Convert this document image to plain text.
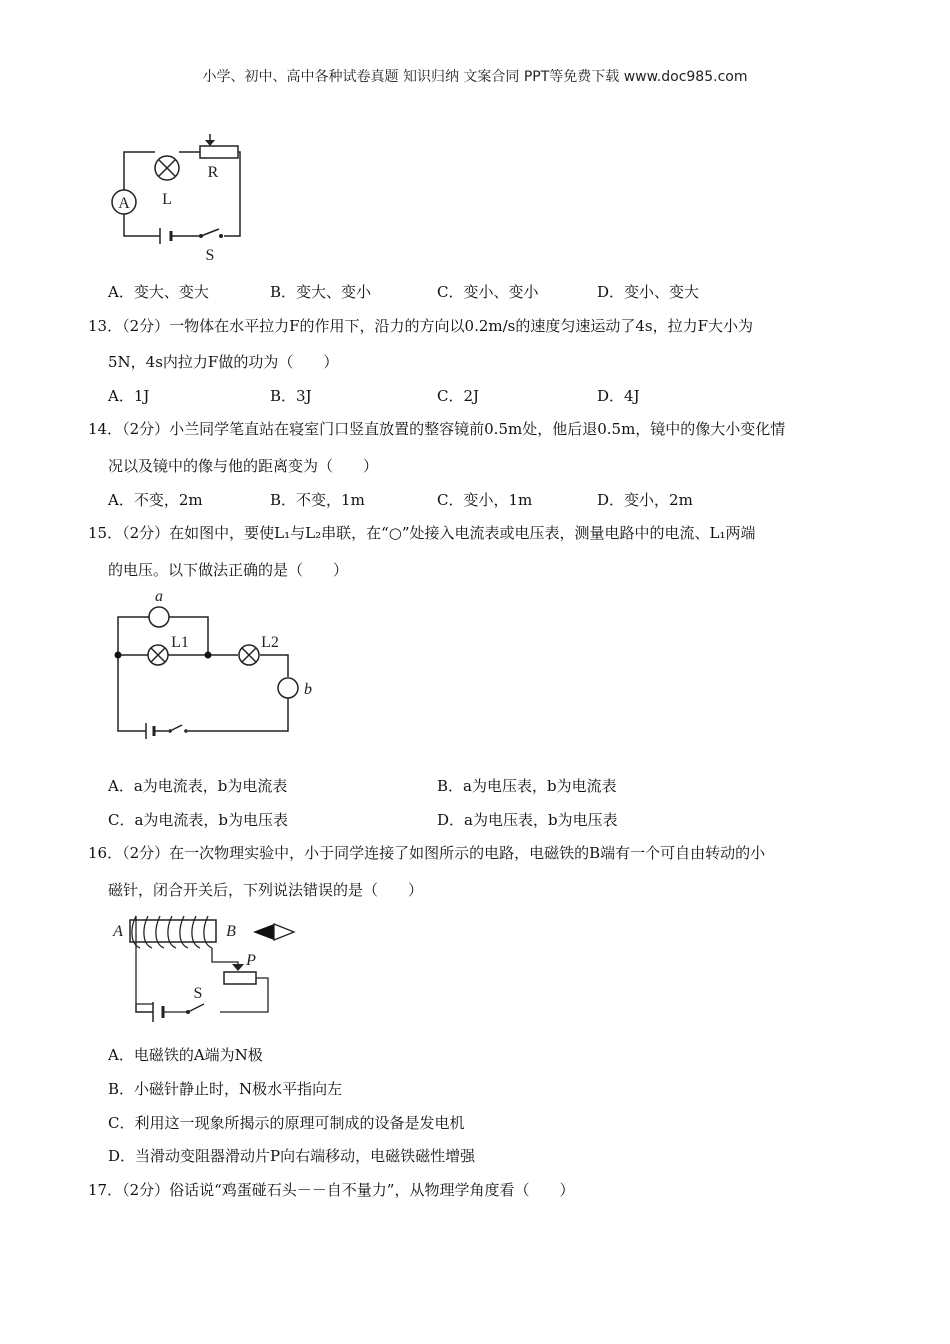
小学、初中、高中各种试卷真题 知识归纳 文案合同 PPT等免费下载 www.doc985.com
A L
R
S
A．变大、变大	B．变大、变小	C．变小、变小	D．变小、变大
13．（2分）一物体在水平拉力F的作用下，沿力的方向以0.2m/s的速度匀速运动了4s，拉力F大小为
5N，4s内拉力F做的功为（　　）
A．1J	B．3J	C．2J	D．4J
14．（2分）小兰同学笔直站在寝室门口竖直放置的整容镜前0.5m处，他后退0.5m，镜中的像大小变化情
况以及镜中的像与他的距离变为（　　）
A．不变，2m	B．不变，1m	C．变小，1m	D．变小，2m
15．（2分）在如图中，要使L₁与L₂串联，在“○”处接入电流表或电压表，测量电路中的电流、L₁两端
的电压。以下做法正确的是（　　）
a
L1	L2
b
A．a为电流表，b为电流表	B．a为电压表，b为电流表
C．a为电流表，b为电压表	D．a为电压表，b为电压表
16．（2分）在一次物理实验中，小于同学连接了如图所示的电路，电磁铁的B端有一个可自由转动的小
磁针，闭合开关后，下列说法错误的是（　　）
A	B
P
S
A．电磁铁的A端为N极
B．小磁针静止时，N极水平指向左
C．利用这一现象所揭示的原理可制成的设备是发电机
D．当滑动变阻器滑动片P向右端移动，电磁铁磁性增强
17．（2分）俗话说“鸡蛋碰石头－－自不量力”，从物理学角度看（　　）
